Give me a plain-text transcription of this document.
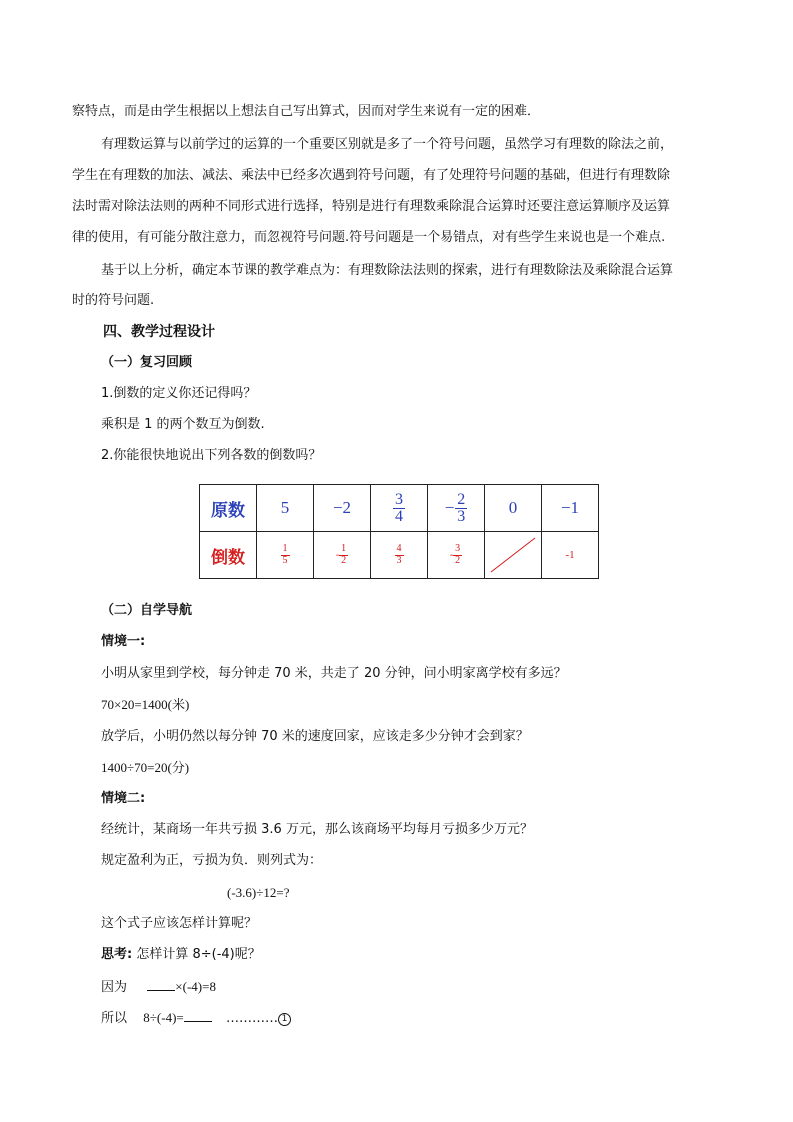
察特点，而是由学生根据以上想法自己写出算式，因而对学生来说有一定的困难．
有理数运算与以前学过的运算的一个重要区别就是多了一个符号问题，虽然学习有理数的除法之前，
学生在有理数的加法、减法、乘法中已经多次遇到符号问题，有了处理符号问题的基础，但进行有理数除
法时需对除法法则的两种不同形式进行选择，特别是进行有理数乘除混合运算时还要注意运算顺序及运算
律的使用，有可能分散注意力，而忽视符号问题.符号问题是一个易错点，对有些学生来说也是一个难点.
基于以上分析，确定本节课的教学难点为：有理数除法法则的探索，进行有理数除法及乘除混合运算
时的符号问题.
四、教学过程设计
（一）复习回顾
1.倒数的定义你还记得吗？
乘积是 1 的两个数互为倒数.
2.你能很快地说出下列各数的倒数吗？
原数	5	−2	$\frac{3}{4}$	− $\frac{2}{3}$	0	−1
倒数	$\frac{1}{5}$	- $\frac{1}{2}$	$\frac{4}{3}$	- $\frac{3}{2}$		-1
（二）自学导航
情境一:
小明从家里到学校，每分钟走 70 米，共走了 20 分钟，问小明家离学校有多远？
70×20=1400(米)
放学后，小明仍然以每分钟 70 米的速度回家，应该走多少分钟才会到家？
1400÷70=20(分)
情境二:
经统计，某商场一年共亏损 3.6 万元，那么该商场平均每月亏损多少万元？
规定盈利为正，亏损为负．则列式为：
(-3.6)÷12=?
这个式子应该怎样计算呢？
思考: 怎样计算 8÷(-4)呢？
因为	×(-4)=8
所以 8÷(-4)=	………… 1
